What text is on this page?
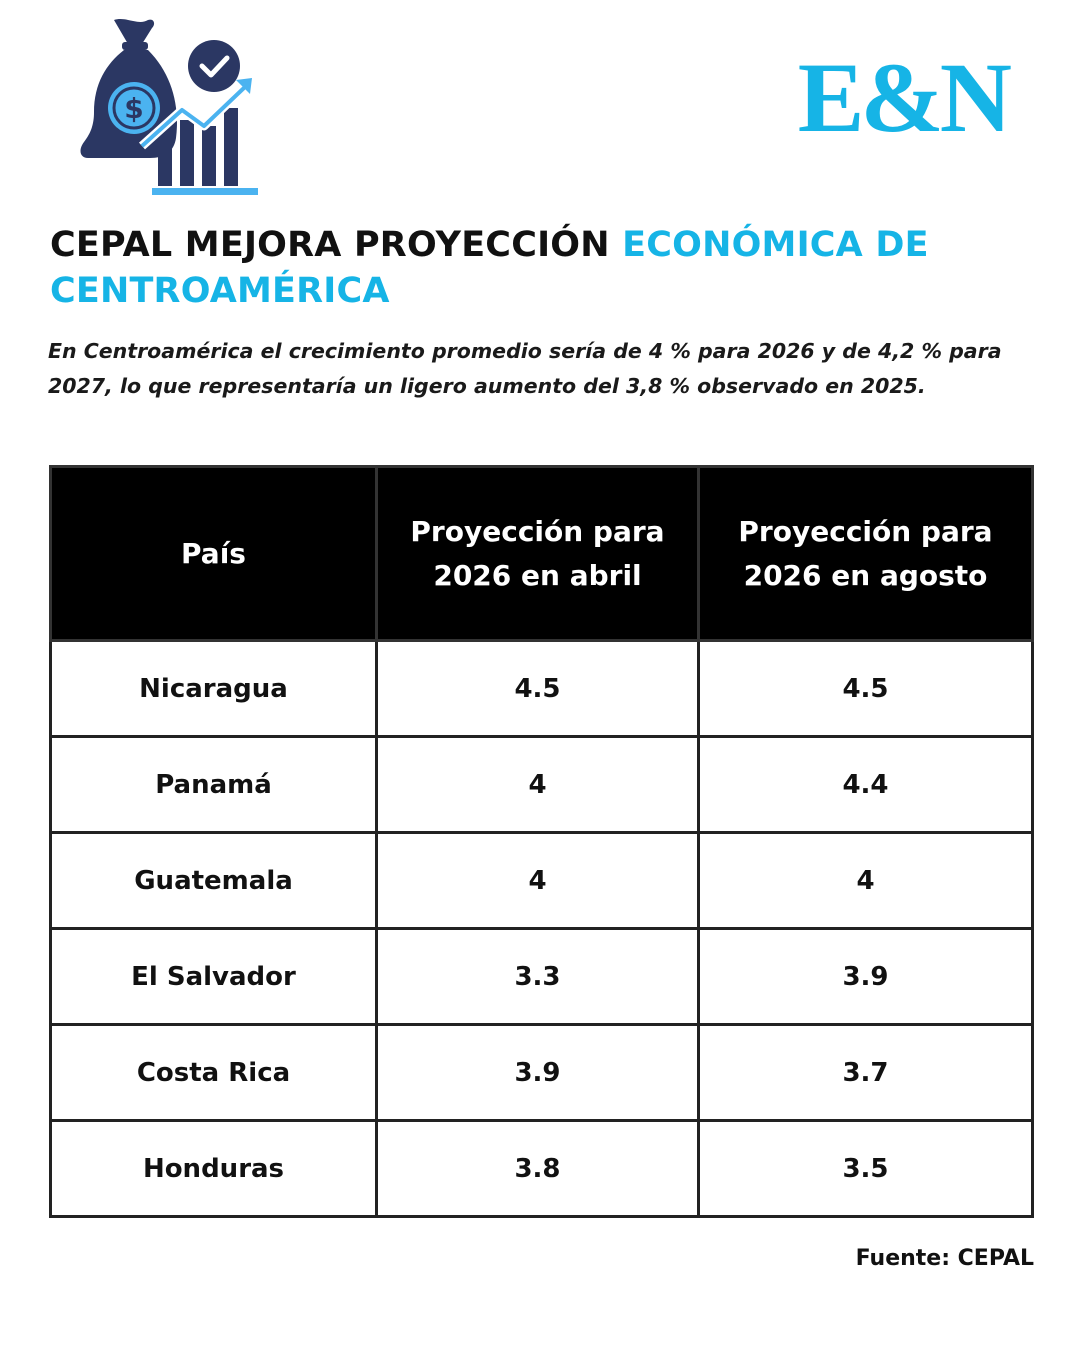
$	E&N
CEPAL MEJORA PROYECCIÓN ECONÓMICA DE CENTROAMÉRICA
En Centroamérica el crecimiento promedio sería de 4 % para 2026 y de 4,2 % para 2027, lo que representaría un ligero aumento del 3,8 % observado en 2025.
País	Proyección para 2026 en abril	Proyección para 2026 en agosto
Nicaragua	4.5	4.5
Panamá	4	4.4
Guatemala	4	4
El Salvador	3.3	3.9
Costa Rica	3.9	3.7
Honduras	3.8	3.5
Fuente: CEPAL
